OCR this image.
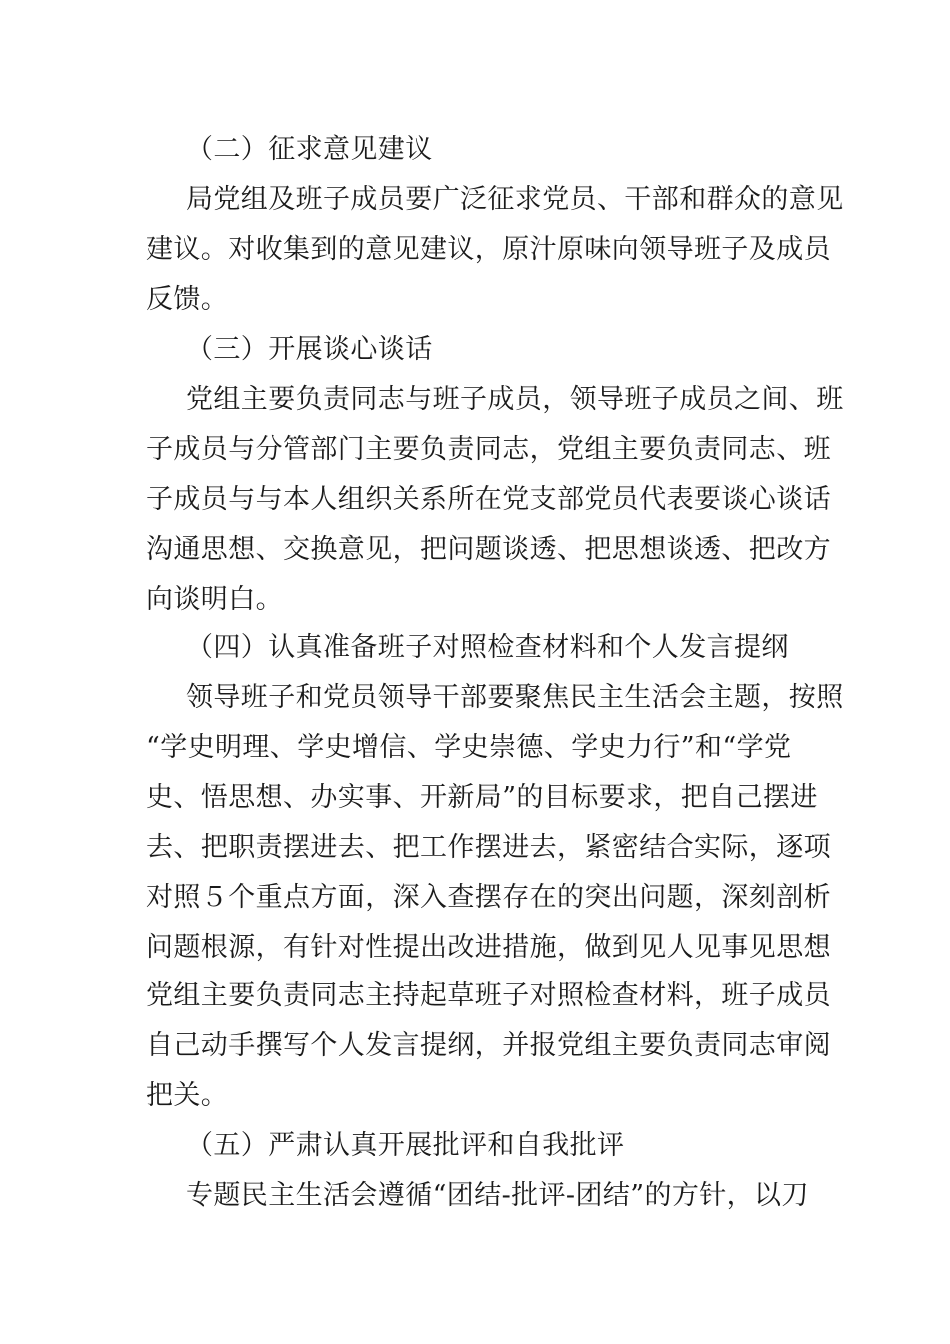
（二）征求意见建议
局党组及班子成员要广泛征求党员、干部和群众的意见
建议。对收集到的意见建议，原汁原味向领导班子及成员
反馈。
（三）开展谈心谈话
党组主要负责同志与班子成员，领导班子成员之间、班
子成员与分管部门主要负责同志，党组主要负责同志、班
子成员与与本人组织关系所在党支部党员代表要谈心谈话
沟通思想、交换意见，把问题谈透、把思想谈透、把改方
向谈明白。
（四）认真准备班子对照检查材料和个人发言提纲
领导班子和党员领导干部要聚焦民主生活会主题，按照
“学史明理、学史增信、学史崇德、学史力行”和“学党
史、悟思想、办实事、开新局”的目标要求，把自己摆进
去、把职责摆进去、把工作摆进去，紧密结合实际，逐项
对照５个重点方面，深入查摆存在的突出问题，深刻剖析
问题根源，有针对性提出改进措施，做到见人见事见思想
党组主要负责同志主持起草班子对照检查材料，班子成员
自己动手撰写个人发言提纲，并报党组主要负责同志审阅
把关。
（五）严肃认真开展批评和自我批评
专题民主生活会遵循“团结-批评-团结”的方针，以刀
